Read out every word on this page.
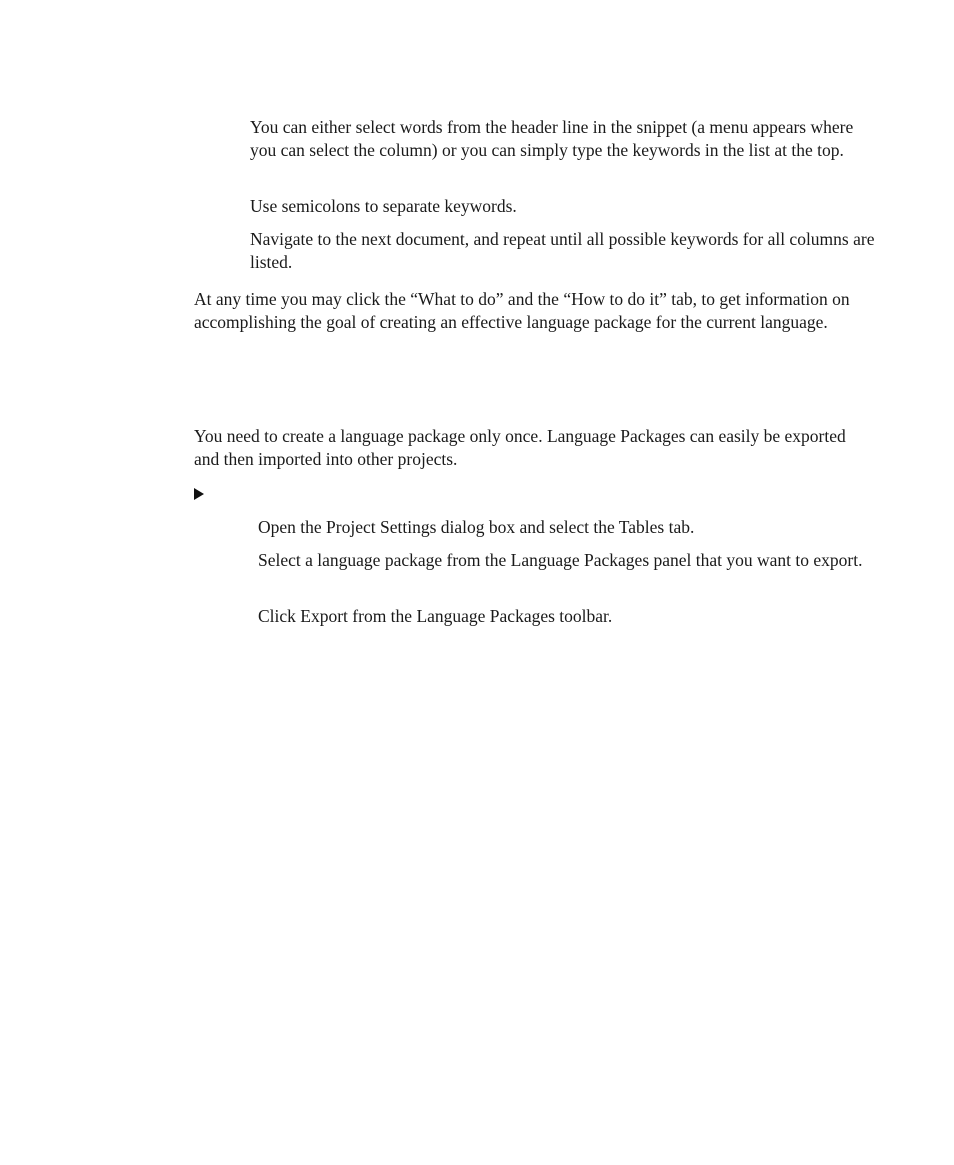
You can either select words from the header line in the snippet (a menu appears where you can select the column) or you can simply type the keywords in the list at the top.

Use semicolons to separate keywords.

Navigate to the next document, and repeat until all possible keywords for all columns are listed.

At any time you may click the “What to do” and the “How to do it” tab, to get information on accomplishing the goal of creating an effective language package for the current language.

You need to create a language package only once. Language Packages can easily be exported and then imported into other projects.

Open the Project Settings dialog box and select the Tables tab.

Select a language package from the Language Packages panel that you want to export.

Click Export from the Language Packages toolbar.
